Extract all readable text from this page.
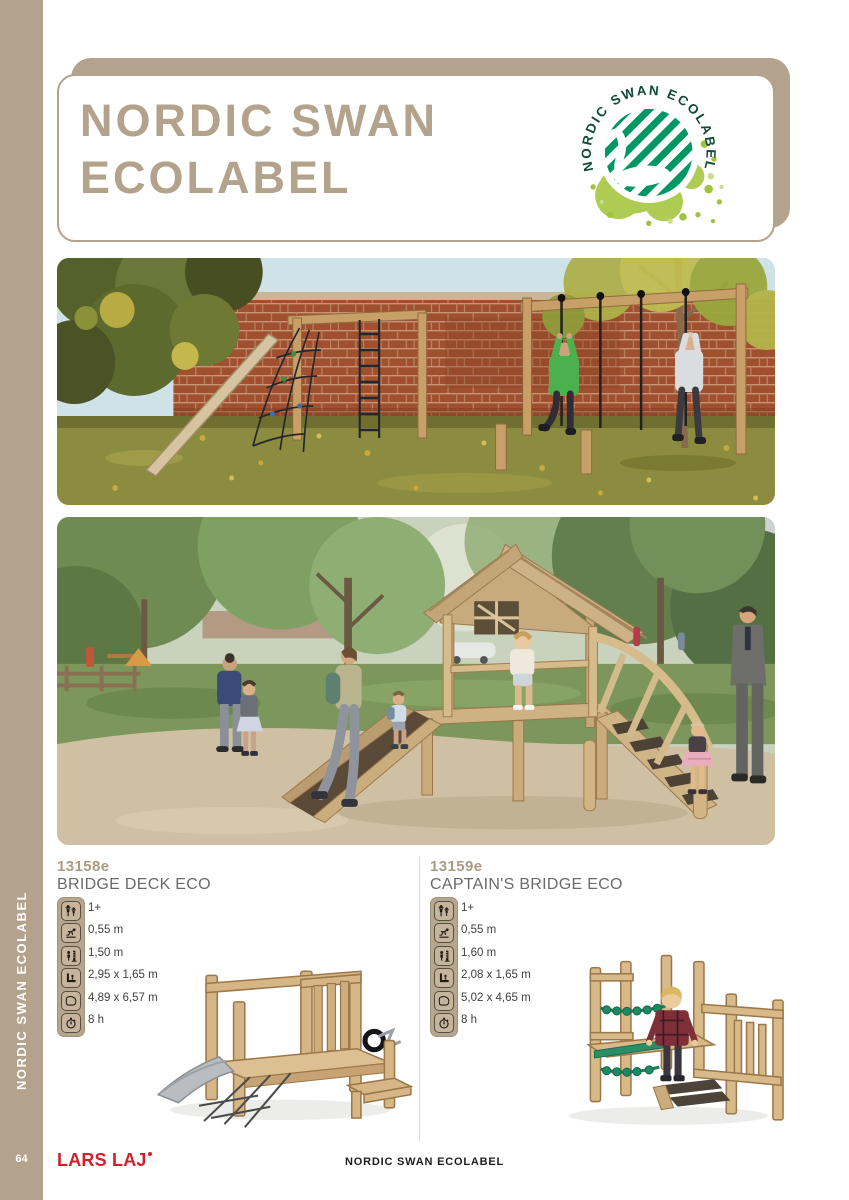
NORDIC SWAN ECOLABEL
64
NORDIC SWAN
ECOLABEL	NORDIC SWAN ECOLABEL
13158e
BRIDGE DECK ECO
1+
0,55 m
1,50 m
2,95 x 1,65 m
4,89 x 6,57 m
8 h
13159e
CAPTAIN'S BRIDGE ECO
1+
0,55 m
1,60 m
2,08 x 1,65 m
5,02 x 4,65 m
8 h
LARS LAJ	NORDIC SWAN ECOLABEL
